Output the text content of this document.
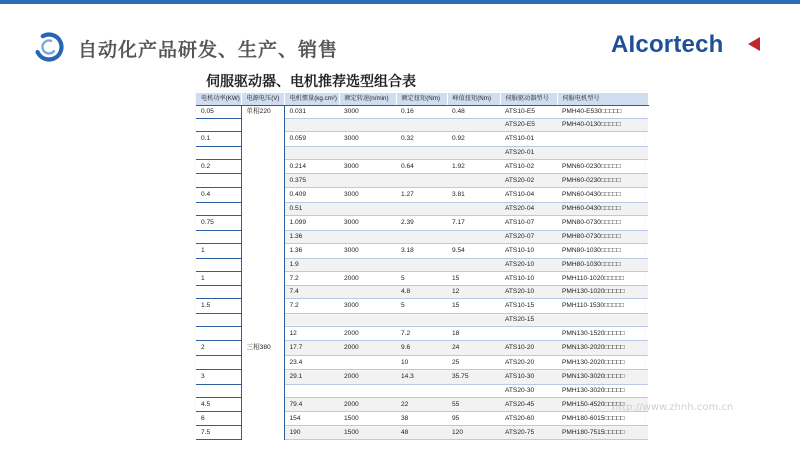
自动化产品研发、生产、销售	AIcortech
伺服驱动器、电机推荐选型组合表
电机功率(KW)	电源电压(V)	电机惯量(kg.cm²)	额定转速(n/min)	额定扭矩(Nm)	峰值扭矩(Nm)	伺服驱动器型号	伺服电机型号
0.05	单相220	0.031	3000	0.16	0.48	ATS10-E5	PMH40-E530□□□□□
						ATS20-E5	PMH40-0130□□□□□
0.1		0.059	3000	0.32	0.92	ATS10-01	
						ATS20-01	
0.2		0.214	3000	0.64	1.92	ATS10-02	PMN60-0230□□□□□
		0.375				ATS20-02	PMH60-0230□□□□□
0.4		0.409	3000	1.27	3.81	ATS10-04	PMN60-0430□□□□□
		0.51				ATS20-04	PMH60-0430□□□□□
0.75		1.099	3000	2.39	7.17	ATS10-07	PMN80-0730□□□□□
		1.36				ATS20-07	PMH80-0730□□□□□
1		1.36	3000	3.18	9.54	ATS10-10	PMN80-1030□□□□□
		1.9				ATS20-10	PMH80-1030□□□□□
1		7.2	2000	5	15	ATS10-10	PMH110-1020□□□□□
		7.4		4.8	12	ATS20-10	PMH130-1020□□□□□
1.5		7.2	3000	5	15	ATS10-15	PMH110-1530□□□□□
						ATS20-15	
		12	2000	7.2	18		PMN130-1520□□□□□
2	三相380	17.7	2000	9.6	24	ATS10-20	PMN130-2020□□□□□
		23.4		10	25	ATS20-20	PMH130-2020□□□□□
3		29.1	2000	14.3	35.75	ATS10-30	PMN130-3020□□□□□
						ATS20-30	PMH130-3020□□□□□
4.5		79.4	2000	22	55	ATS20-45	PMH150-4520□□□□□
6		154	1500	38	95	ATS20-60	PMH180-6015□□□□□
7.5		190	1500	48	120	ATS20-75	PMH180-7515□□□□□
http://www.zhnh.com.cn
